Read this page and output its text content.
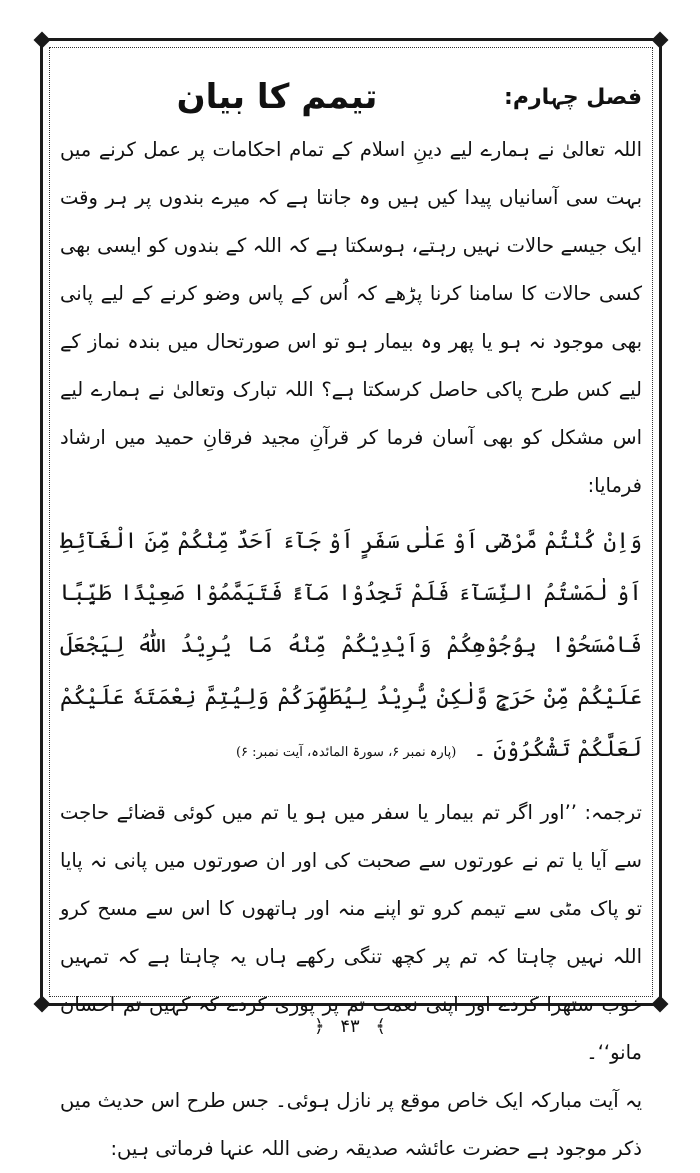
فصل چہارم:
تیمم کا بیان

اللہ تعالیٰ نے ہمارے لیے دینِ اسلام کے تمام احکامات پر عمل کرنے میں بہت سی آسانیاں پیدا کیں ہیں وہ جانتا ہے کہ میرے بندوں پر ہر وقت ایک جیسے حالات نہیں رہتے، ہوسکتا ہے کہ اللہ کے بندوں کو ایسی بھی کسی حالات کا سامنا کرنا پڑھے کہ اُس کے پاس وضو کرنے کے لیے پانی بھی موجود نہ ہو یا پھر وہ بیمار ہو تو اس صورتحال میں بندہ نماز کے لیے کس طرح پاکی حاصل کرسکتا ہے؟ اللہ تبارک وتعالیٰ نے ہمارے لیے اس مشکل کو بھی آسان فرما کر قرآنِ مجید فرقانِ حمید میں ارشاد فرمایا:

وَاِنْ كُنْتُمْ مَّرْضٰٓى اَوْ عَلٰى سَفَرٍ اَوْ جَآءَ اَحَدٌ مِّنْكُمْ مِّنَ الْغَآئِطِ اَوْ لٰمَسْتُمُ النِّسَآءَ فَلَمْ تَجِدُوْا مَآءً فَتَيَمَّمُوْا صَعِيْدًا طَيِّبًا فَامْسَحُوْا بِوُجُوْهِكُمْ وَاَيْدِيْكُمْ مِّنْهُ مَا يُرِيْدُ اللّٰهُ لِيَجْعَلَ عَلَيْكُمْ مِّنْ حَرَجٍ وَّلٰكِنْ يُّرِيْدُ لِيُطَهِّرَكُمْ وَلِيُتِمَّ نِعْمَتَهٗ عَلَيْكُمْ لَعَلَّكُمْ تَشْكُرُوْنَ ۔ (پارہ نمبر ۶، سورۃ المائدہ، آیت نمبر: ۶)

ترجمہ: ’’اور اگر تم بیمار یا سفر میں ہو یا تم میں کوئی قضائے حاجت سے آیا یا تم نے عورتوں سے صحبت کی اور ان صورتوں میں پانی نہ پایا تو پاک مٹی سے تیمم کرو تو اپنے منہ اور ہاتھوں کا اس سے مسح کرو اللہ نہیں چاہتا کہ تم پر کچھ تنگی رکھے ہاں یہ چاہتا ہے کہ تمہیں خوب ستھرا کردے اور اپنی نعمت تم پر پوری کردے کہ کہیں تم احسان مانو‘‘۔

یہ آیت مبارکہ ایک خاص موقع پر نازل ہوئی۔ جس طرح اس حدیث میں ذکر موجود ہے حضرت عائشہ صدیقہ رضی اللہ عنہا فرماتی ہیں:

﴾ ۴۳ ﴿
